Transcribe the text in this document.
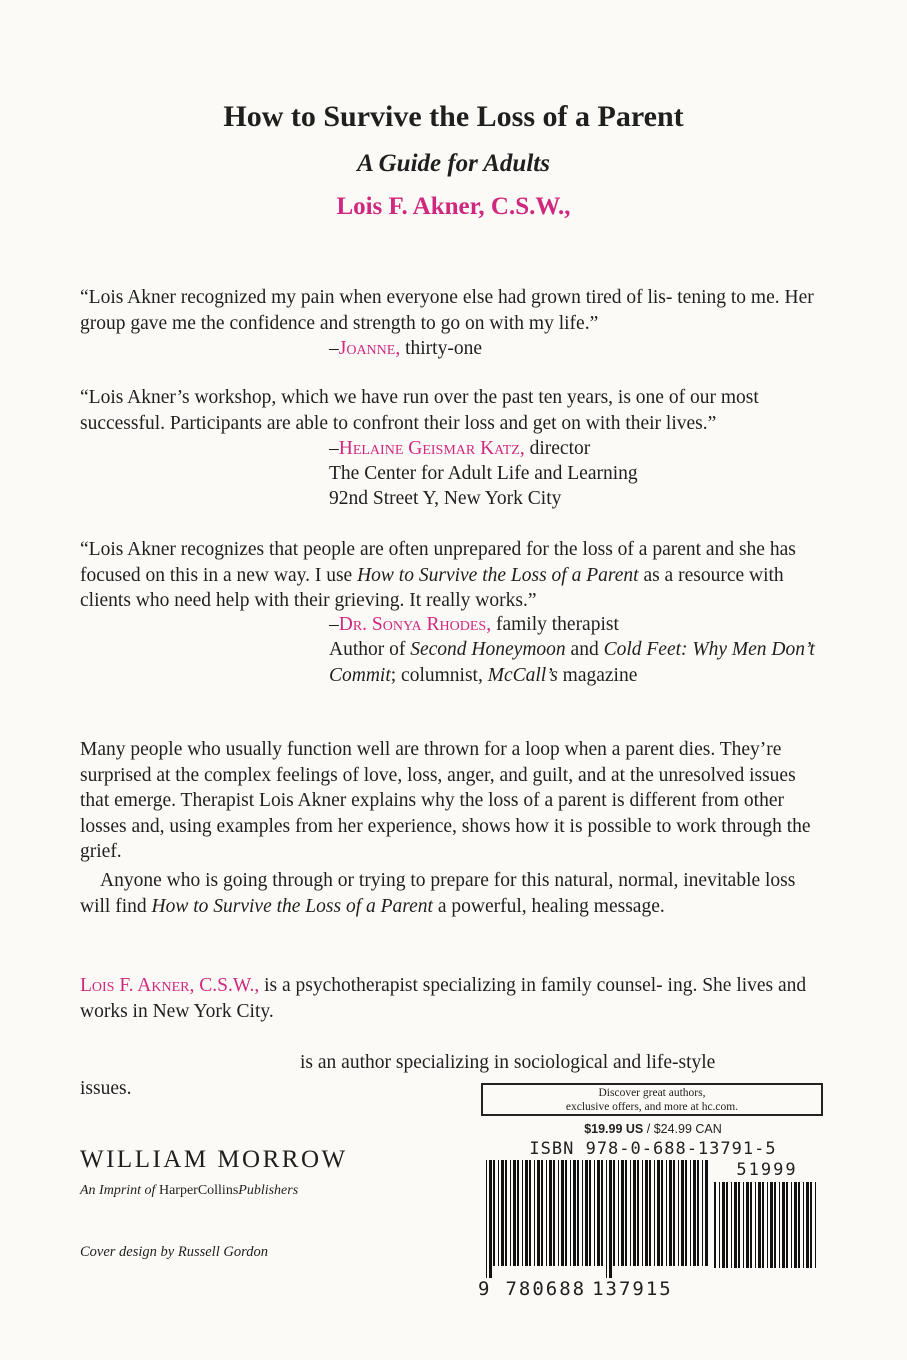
How to Survive the Loss of a Parent
A Guide for Adults
Lois F. Akner, C.S.W.,
“Lois Akner recognized my pain when everyone else had grown tired of lis- tening to me. Her group gave me the confidence and strength to go on with my life.”
–Joanne, thirty-one
“Lois Akner’s workshop, which we have run over the past ten years, is one of our most successful. Participants are able to confront their loss and get on with their lives.”
–Helaine Geismar Katz, director
The Center for Adult Life and Learning
92nd Street Y, New York City
“Lois Akner recognizes that people are often unprepared for the loss of a parent and she has focused on this in a new way. I use How to Survive the Loss of a Parent as a resource with clients who need help with their grieving. It really works.”
–Dr. Sonya Rhodes, family therapist
Author of Second Honeymoon and Cold Feet: Why Men Don’t Commit; columnist, McCall’s magazine
Many people who usually function well are thrown for a loop when a parent dies. They’re surprised at the complex feelings of love, loss, anger, and guilt, and at the unresolved issues that emerge. Therapist Lois Akner explains why the loss of a parent is different from other losses and, using examples from her experience, shows how it is possible to work through the grief.
Anyone who is going through or trying to prepare for this natural, normal, inevitable loss will find How to Survive the Loss of a Parent a powerful, healing message.
Lois F. Akner, C.S.W., is a psychotherapist specializing in family counsel- ing. She lives and works in New York City.
is an author specializing in sociological and life-style
issues.	Discover great authors,
exclusive offers, and more at hc.com.
$19.99 US / $24.99 CAN
ISBN 978-0-688-13791-5
51999
9 780688 137915
WILLIAM MORROW
An Imprint of HarperCollinsPublishers
Cover design by Russell Gordon
